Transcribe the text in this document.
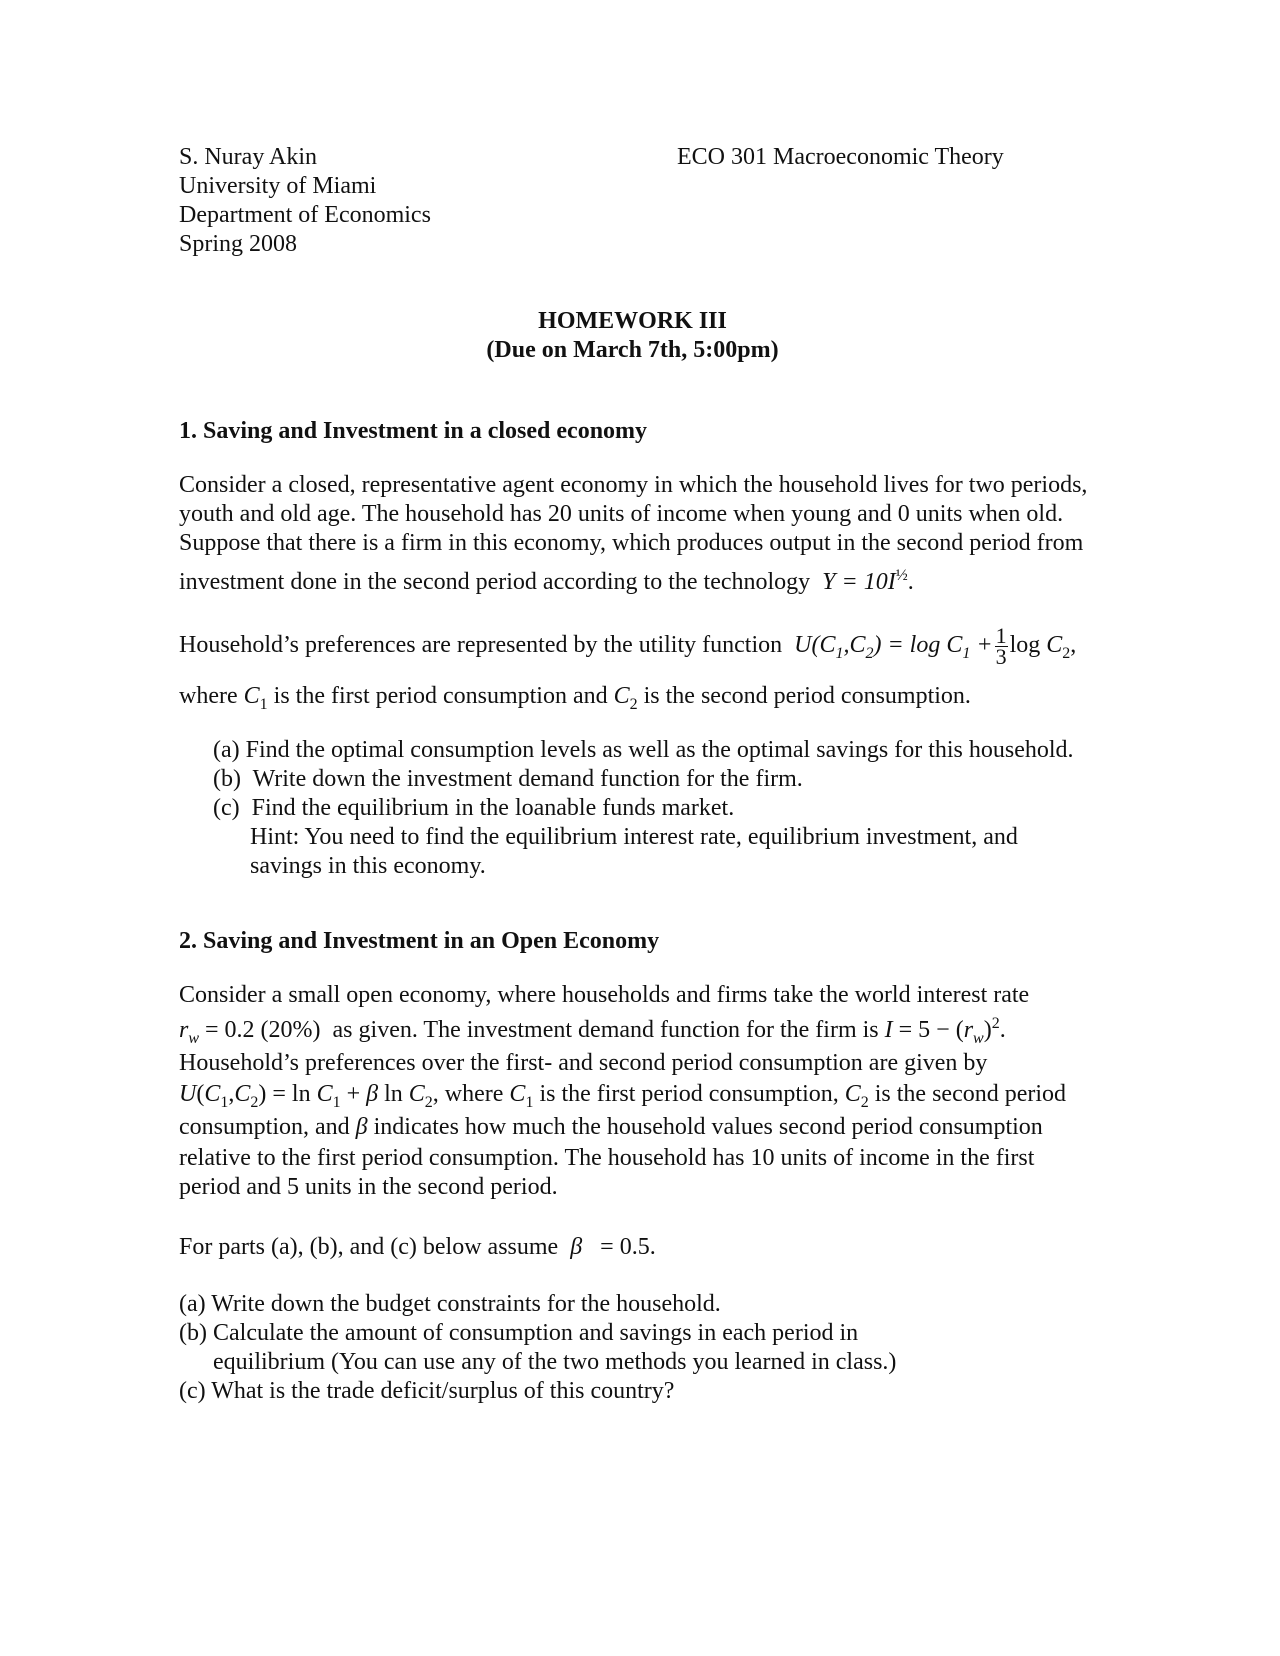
S. Nuray Akin
University of Miami
Department of Economics
Spring 2008
ECO 301 Macroeconomic Theory
HOMEWORK III
(Due on March 7th, 5:00pm)
1. Saving and Investment in a closed economy
Consider a closed, representative agent economy in which the household lives for two periods,
youth and old age. The household has 20 units of income when young and 0 units when old.
Suppose that there is a firm in this economy, which produces output in the second period from
investment done in the second period according to the technology $Y = 10I^{\frac{1}{2}}$.
Household’s preferences are represented by the utility function $U(C_1,C_2) = \log C_1 + \frac{1}{3}$ $\log C_2$,
where $C_1$ is the first period consumption and $C_2$ is the second period consumption.
(a) Find the optimal consumption levels as well as the optimal savings for this household.
(b) Write down the investment demand function for the firm.
(c) Find the equilibrium in the loanable funds market.
Hint: You need to find the equilibrium interest rate, equilibrium investment, and
savings in this economy.
2. Saving and Investment in an Open Economy
Consider a small open economy, where households and firms take the world interest rate
$r_w = 0.2$ (20%) as given. The investment demand function for the firm is $I = 5 - (r_w)^2$.
Household’s preferences over the first- and second period consumption are given by
$U(C_1,C_2) = \ln C_1 + \beta$ $\ln C_2$, where $C_1$ is the first period consumption, $C_2$ is the second period
consumption, and β indicates how much the household values second period consumption
relative to the first period consumption. The household has 10 units of income in the first
period and 5 units in the second period.
For parts (a), (b), and (c) below assume β = 0.5.
(a) Write down the budget constraints for the household.
(b) Calculate the amount of consumption and savings in each period in
equilibrium (You can use any of the two methods you learned in class.)
(c) What is the trade deficit/surplus of this country?
